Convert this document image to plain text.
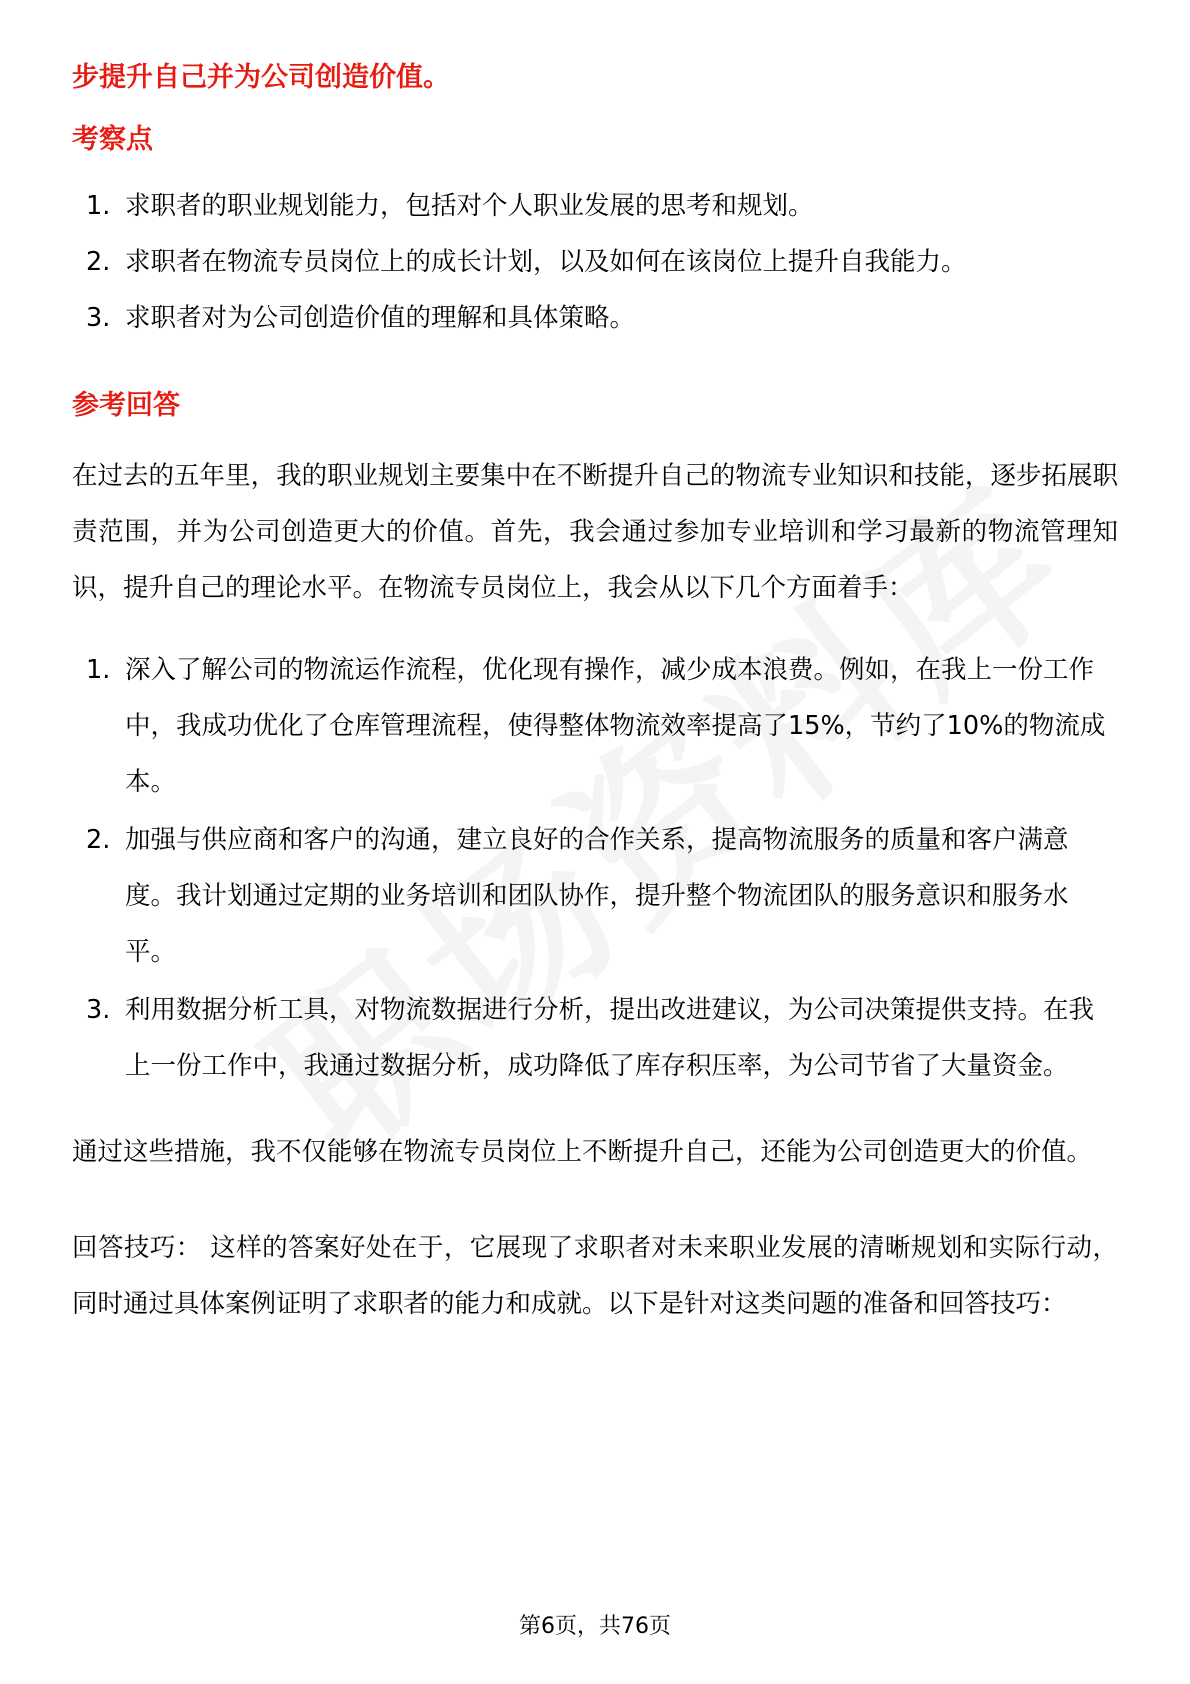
步提升自己并为公司创造价值。

考察点

1. 求职者的职业规划能力，包括对个人职业发展的思考和规划。
2. 求职者在物流专员岗位上的成长计划，以及如何在该岗位上提升自我能力。
3. 求职者对为公司创造价值的理解和具体策略。

参考回答

在过去的五年里，我的职业规划主要集中在不断提升自己的物流专业知识和技能，逐步拓展职责范围，并为公司创造更大的价值。首先，我会通过参加专业培训和学习最新的物流管理知识，提升自己的理论水平。在物流专员岗位上，我会从以下几个方面着手：

1. 深入了解公司的物流运作流程，优化现有操作，减少成本浪费。例如，在我上一份工作中，我成功优化了仓库管理流程，使得整体物流效率提高了15%，节约了10%的物流成本。
2. 加强与供应商和客户的沟通，建立良好的合作关系，提高物流服务的质量和客户满意度。我计划通过定期的业务培训和团队协作，提升整个物流团队的服务意识和服务水平。
3. 利用数据分析工具，对物流数据进行分析，提出改进建议，为公司决策提供支持。在我上一份工作中，我通过数据分析，成功降低了库存积压率，为公司节省了大量资金。

通过这些措施，我不仅能够在物流专员岗位上不断提升自己，还能为公司创造更大的价值。

回答技巧： 这样的答案好处在于，它展现了求职者对未来职业发展的清晰规划和实际行动，同时通过具体案例证明了求职者的能力和成就。以下是针对这类问题的准备和回答技巧：

第6页，共76页
